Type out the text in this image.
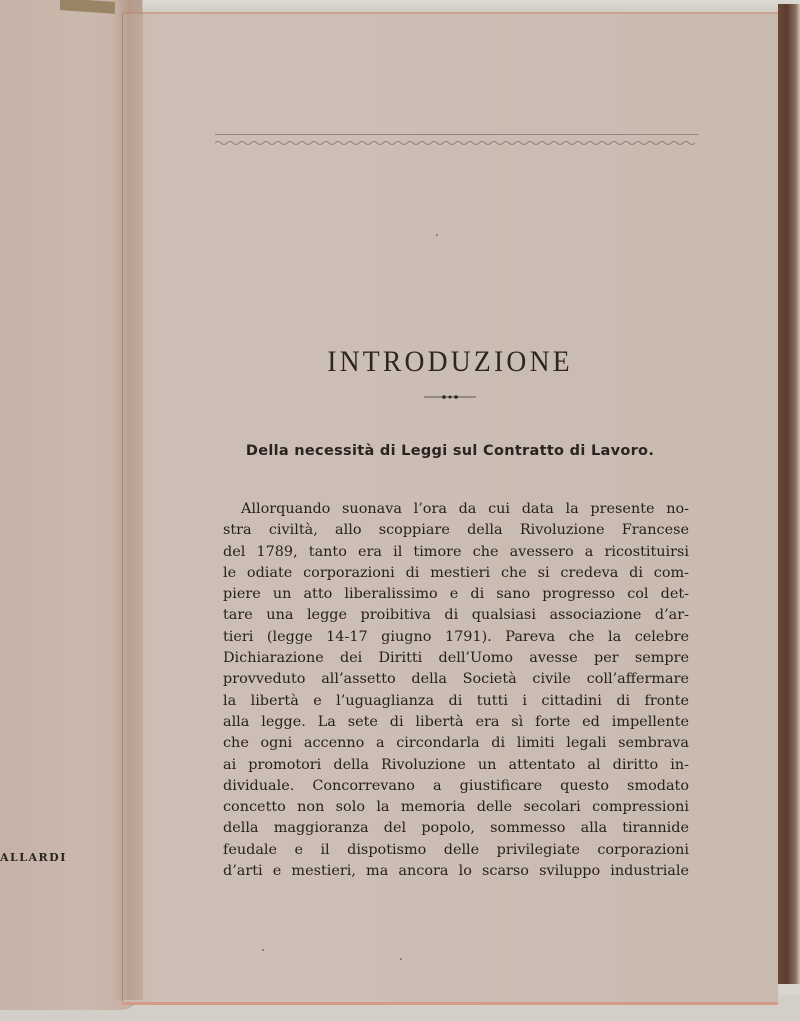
ALLARDI
INTRODUZIONE
Della necessità di Leggi sul Contratto di Lavoro.
Allorquando suonava l’ora da cui data la presente no-
stra civiltà, allo scoppiare della Rivoluzione Francese
del 1789, tanto era il timore che avessero a ricostituirsi
le odiate corporazioni di mestieri che si credeva di com-
piere un atto liberalissimo e di sano progresso col det-
tare una legge proibitiva di qualsiasi associazione d’ar-
tieri (legge 14-17 giugno 1791). Pareva che la celebre
Dichiarazione dei Diritti dell’Uomo avesse per sempre
provveduto all’assetto della Società civile coll’affermare
la libertà e l’uguaglianza di tutti i cittadini di fronte
alla legge. La sete di libertà era sì forte ed impellente
che ogni accenno a circondarla di limiti legali sembrava
ai promotori della Rivoluzione un attentato al diritto in-
dividuale. Concorrevano a giustificare questo smodato
concetto non solo la memoria delle secolari compressioni
della maggioranza del popolo, sommesso alla tirannide
feudale e il dispotismo delle privilegiate corporazioni
d’arti e mestieri, ma ancora lo scarso sviluppo industriale
